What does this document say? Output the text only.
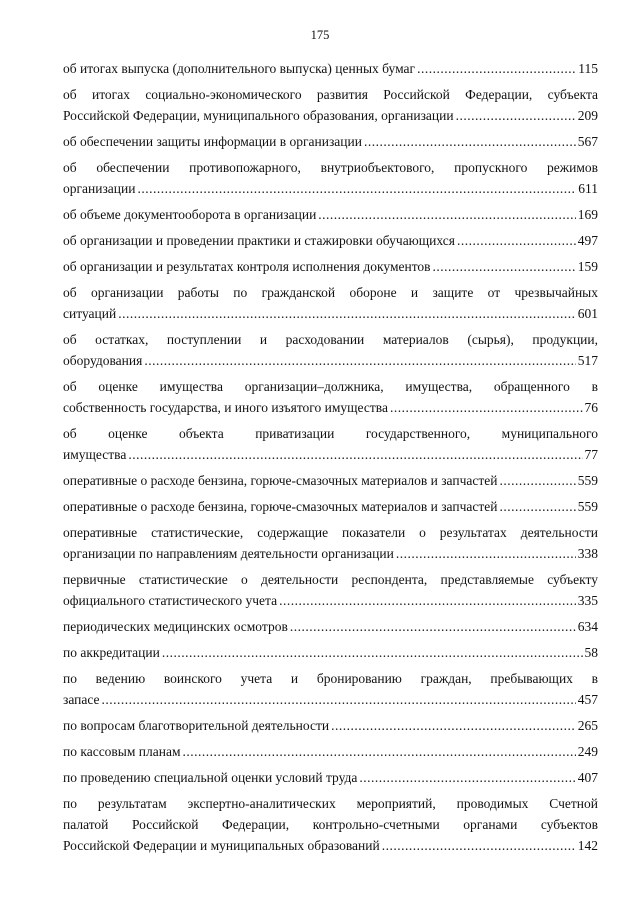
175
об итогах выпуска (дополнительного выпуска) ценных бумаг .....	115
об итогах социально-экономического развития Российской Федерации, субъекта
Российской Федерации, муниципального образования, организации .....	209
об обеспечении защиты информации в организации .....	567
об обеспечении противопожарного, внутриобъектового, пропускного режимов
организации .....	611
об объеме документооборота в организации .....	169
об организации и проведении практики и стажировки обучающихся .....	497
об организации и результатах контроля исполнения документов .....	159
об организации работы по гражданской обороне и защите от чрезвычайных
ситуаций .....	601
об остатках, поступлении и расходовании материалов (сырья), продукции,
оборудования .....	517
об оценке имущества организации–должника, имущества, обращенного в
собственность государства, и иного изъятого имущества .....	76
об оценке объекта приватизации государственного, муниципального
имущества .....	77
оперативные о расходе бензина, горюче-смазочных материалов и запчастей .....	559
оперативные о расходе бензина, горюче-смазочных материалов и запчастей .....	559
оперативные статистические, содержащие показатели о результатах деятельности
организации по направлениям деятельности организации .....	338
первичные статистические о деятельности респондента, представляемые субъекту
официального статистического учета .....	335
периодических медицинских осмотров .....	634
по аккредитации .....	58
по ведению воинского учета и бронированию граждан, пребывающих в
запасе .....	457
по вопросам благотворительной деятельности .....	265
по кассовым планам .....	249
по проведению специальной оценки условий труда .....	407
по результатам экспертно-аналитических мероприятий, проводимых Счетной
палатой Российской Федерации, контрольно-счетными органами субъектов
Российской Федерации и муниципальных образований .....	142
